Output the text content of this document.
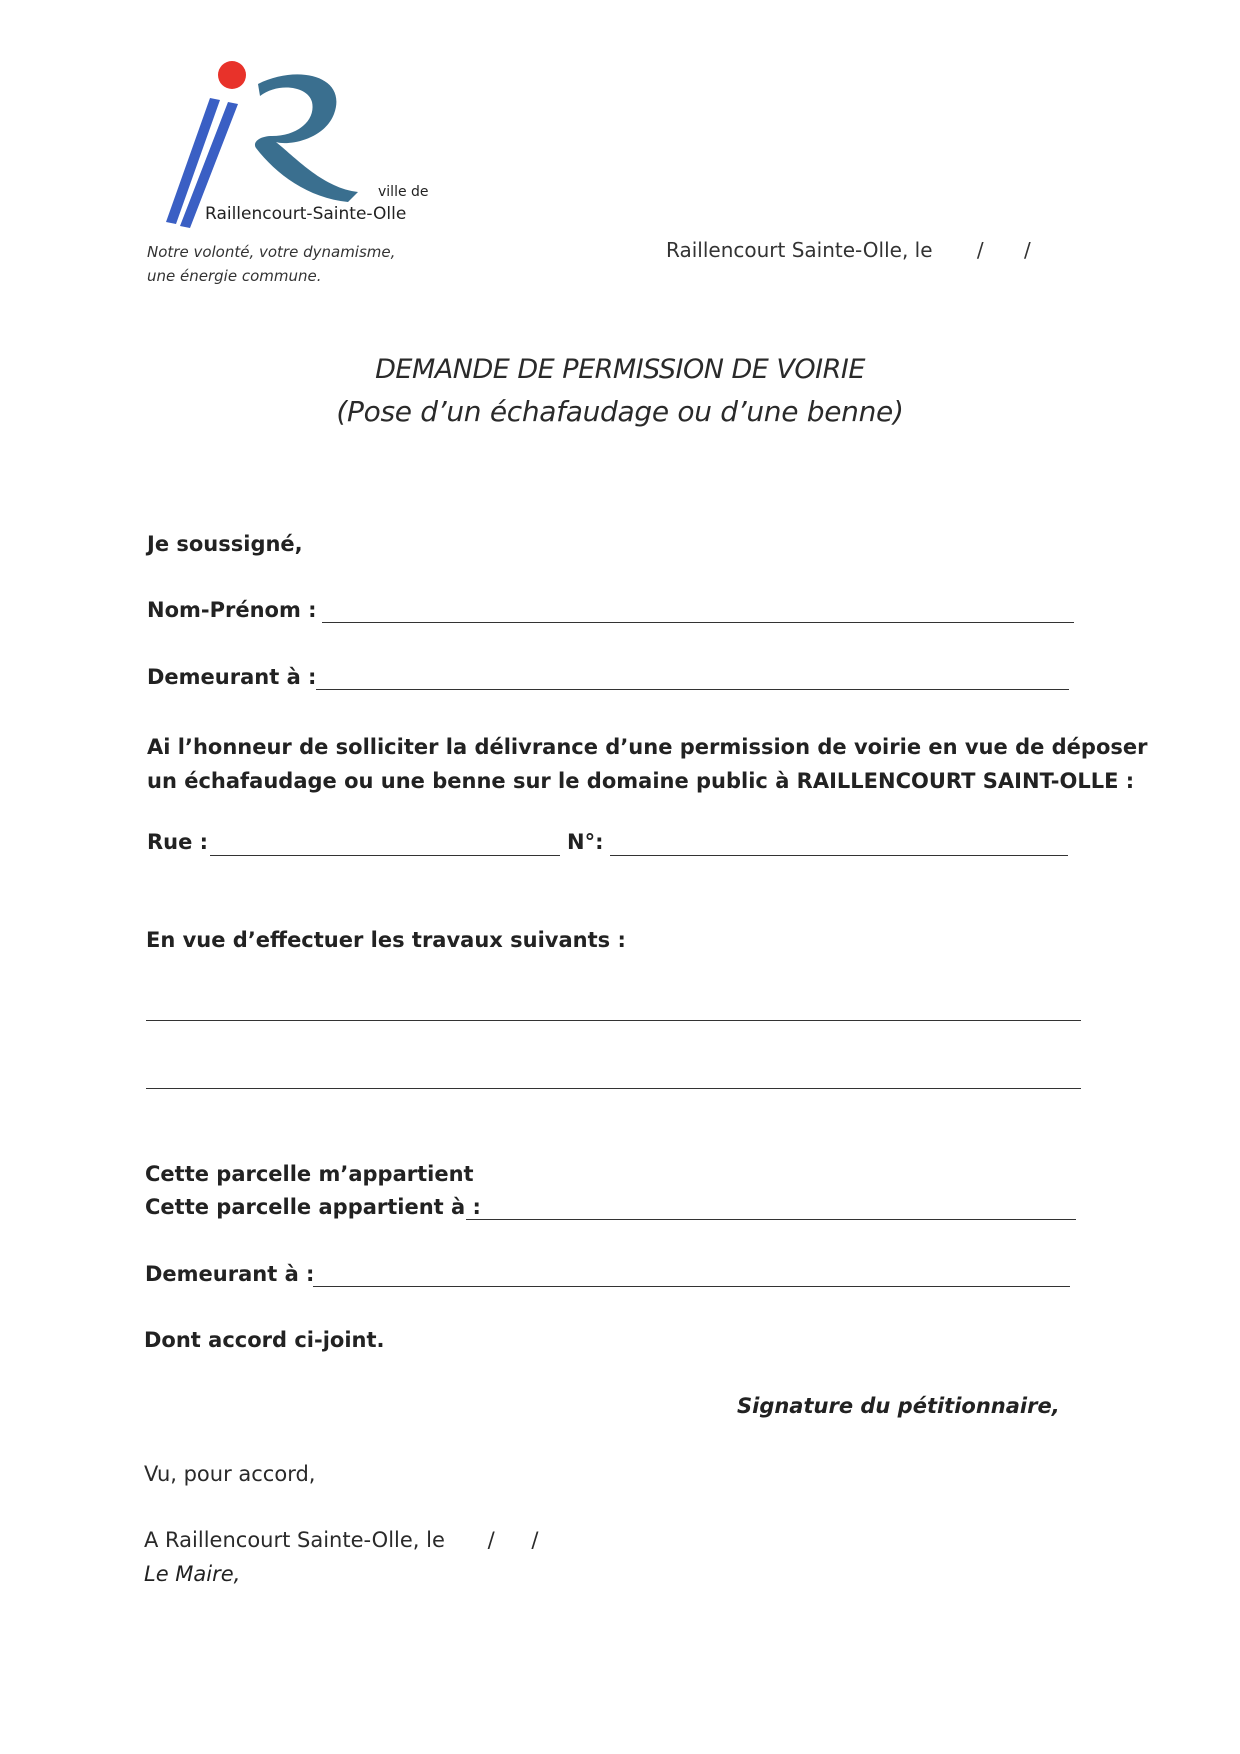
ville de
Raillencourt-Sainte-Olle
Notre volonté, votre dynamisme,
une énergie commune.
Raillencourt Sainte-Olle, le / /
DEMANDE DE PERMISSION DE VOIRIE
(Pose d’un échafaudage ou d’une benne)
Je soussigné,
Nom-Prénom :
Demeurant à :
Ai l’honneur de solliciter la délivrance d’une permission de voirie en vue de déposer
un échafaudage ou une benne sur le domaine public à RAILLENCOURT SAINT-OLLE :
Rue :	N°:
En vue d’effectuer les travaux suivants :
Cette parcelle m’appartient
Cette parcelle appartient à :
Demeurant à :
Dont accord ci-joint.
Signature du pétitionnaire,
Vu, pour accord,
A Raillencourt Sainte-Olle, le / /
Le Maire,
